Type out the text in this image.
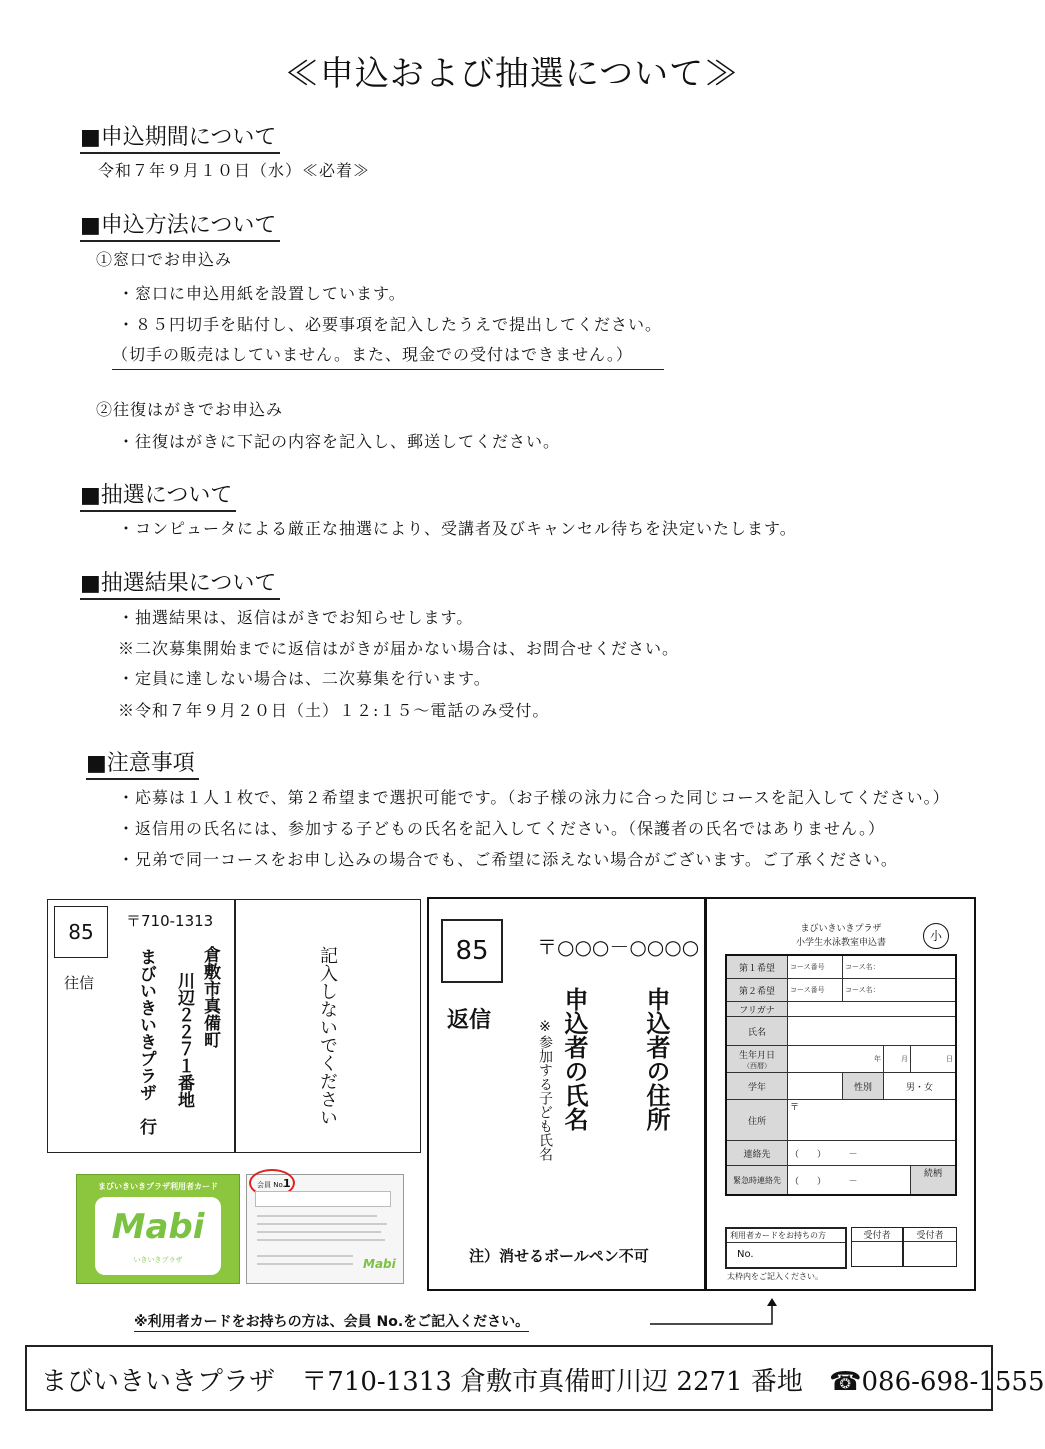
≪申込および抽選について≫
■申込期間について
令和７年９月１０日（水）≪必着≫
■申込方法について
①窓口でお申込み
・窓口に申込用紙を設置しています。
・８５円切手を貼付し、必要事項を記入したうえで提出してください。
（切手の販売はしていません。また、現金での受付はできません。）
②往復はがきでお申込み
・往復はがきに下記の内容を記入し、郵送してください。
■抽選について
・コンピュータによる厳正な抽選により、受講者及びキャンセル待ちを決定いたします。
■抽選結果について
・抽選結果は、返信はがきでお知らせします。
※二次募集開始までに返信はがきが届かない場合は、お問合せください。
・定員に達しない場合は、二次募集を行います。
※令和７年９月２０日（土）１２:１５～電話のみ受付。
■注意事項
・応募は１人１枚で、第２希望まで選択可能です。（お子様の泳力に合った同じコースを記入してください。）
・返信用の氏名には、参加する子どもの氏名を記入してください。（保護者の氏名ではありません。）
・兄弟で同一コースをお申し込みの場合でも、ご希望に添えない場合がございます。ご了承ください。
85
往信
〒710-1313
倉敷市真備町
川辺２２７１番地
まびいきいきプラザ　行	記入しないでください
まびいきいきプラザ利用者カード
Mabi
いきいきプラザ
会員 No.
1
Mabi
85
返信
〒○○○－○○○○
申込者の住所
申込者の氏名
※参加する子ども氏名
注）消せるボールペン不可
まびいきいきプラザ
小学生水泳教室申込書	小
第１希望	コース番号	コース名：		
第２希望	コース番号	コース名：		
フリガナ				
氏名				

生年月日
（西暦）	年		月	日
学年		性別	男・女	
住所	〒			
連絡先	（　　）　　　－			
緊急時連絡先	（　　）　　　－			続柄
利用者カードをお持ちの方
No.
受付者	受付者
太枠内をご記入ください。
※利用者カードをお持ちの方は、会員 No.をご記入ください。
まびいきいきプラザ 〒710-1313 倉敷市真備町川辺 2271 番地 ☎086-698-1555
